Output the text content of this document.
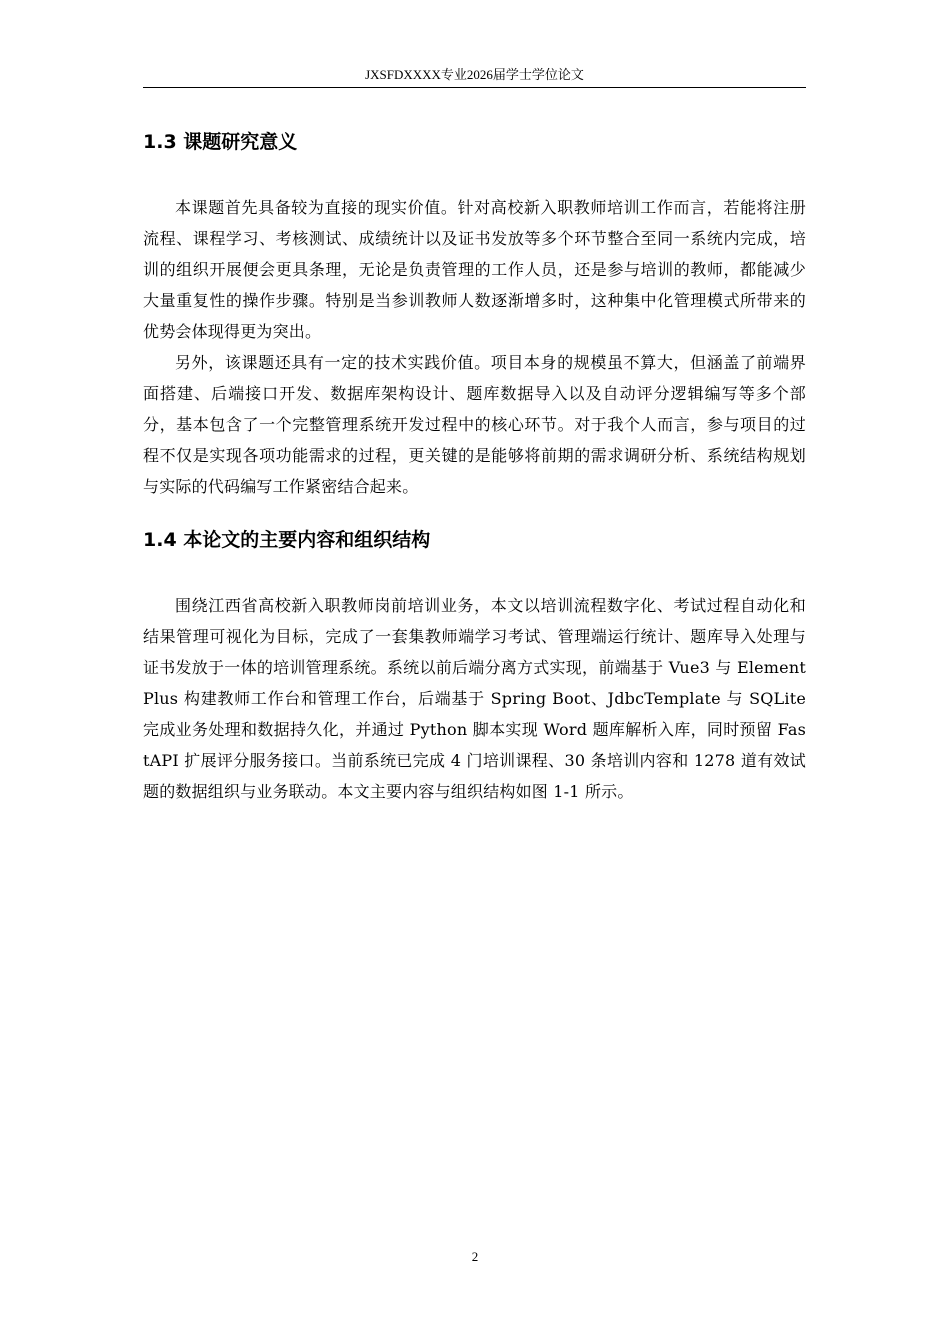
JXSFDXXXX专业2026届学士学位论文
1.3 课题研究意义

本课题首先具备较为直接的现实价值。针对高校新入职教师培训工作而言，若能将注册流程、课程学习、考核测试、成绩统计以及证书发放等多个环节整合至同一系统内完成，培训的组织开展便会更具条理，无论是负责管理的工作人员，还是参与培训的教师，都能减少大量重复性的操作步骤。特别是当参训教师人数逐渐增多时，这种集中化管理模式所带来的优势会体现得更为突出。

另外，该课题还具有一定的技术实践价值。项目本身的规模虽不算大，但涵盖了前端界面搭建、后端接口开发、数据库架构设计、题库数据导入以及自动评分逻辑编写等多个部分，基本包含了一个完整管理系统开发过程中的核心环节。对于我个人而言，参与项目的过程不仅是实现各项功能需求的过程，更关键的是能够将前期的需求调研分析、系统结构规划与实际的代码编写工作紧密结合起来。

1.4 本论文的主要内容和组织结构

围绕江西省高校新入职教师岗前培训业务，本文以培训流程数字化、考试过程自动化和结果管理可视化为目标，完成了一套集教师端学习考试、管理端运行统计、题库导入处理与证书发放于一体的培训管理系统。系统以前后端分离方式实现，前端基于 Vue3 与 Element Plus 构建教师工作台和管理工作台，后端基于 Spring Boot、JdbcTemplate 与 SQLite 完成业务处理和数据持久化，并通过 Python 脚本实现 Word 题库解析入库，同时预留 FastAPI 扩展评分服务接口。当前系统已完成 4 门培训课程、30 条培训内容和 1278 道有效试题的数据组织与业务联动。本文主要内容与组织结构如图 1-1 所示。

2
